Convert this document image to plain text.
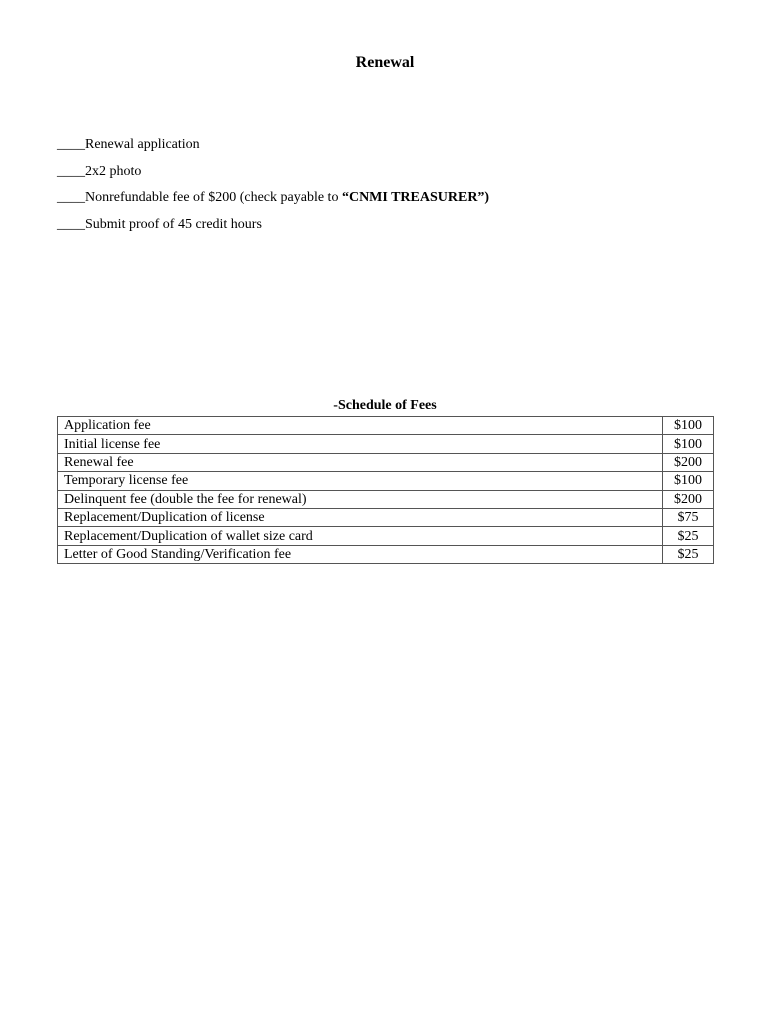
Renewal
____Renewal application
____2x2 photo
____Nonrefundable fee of $200 (check payable to “CNMI TREASURER”)
____Submit proof of 45 credit hours
-Schedule of Fees
Application fee	$100
Initial license fee	$100
Renewal fee	$200
Temporary license fee	$100
Delinquent fee (double the fee for renewal)	$200
Replacement/Duplication of license	$75
Replacement/Duplication of wallet size card	$25
Letter of Good Standing/Verification fee	$25
